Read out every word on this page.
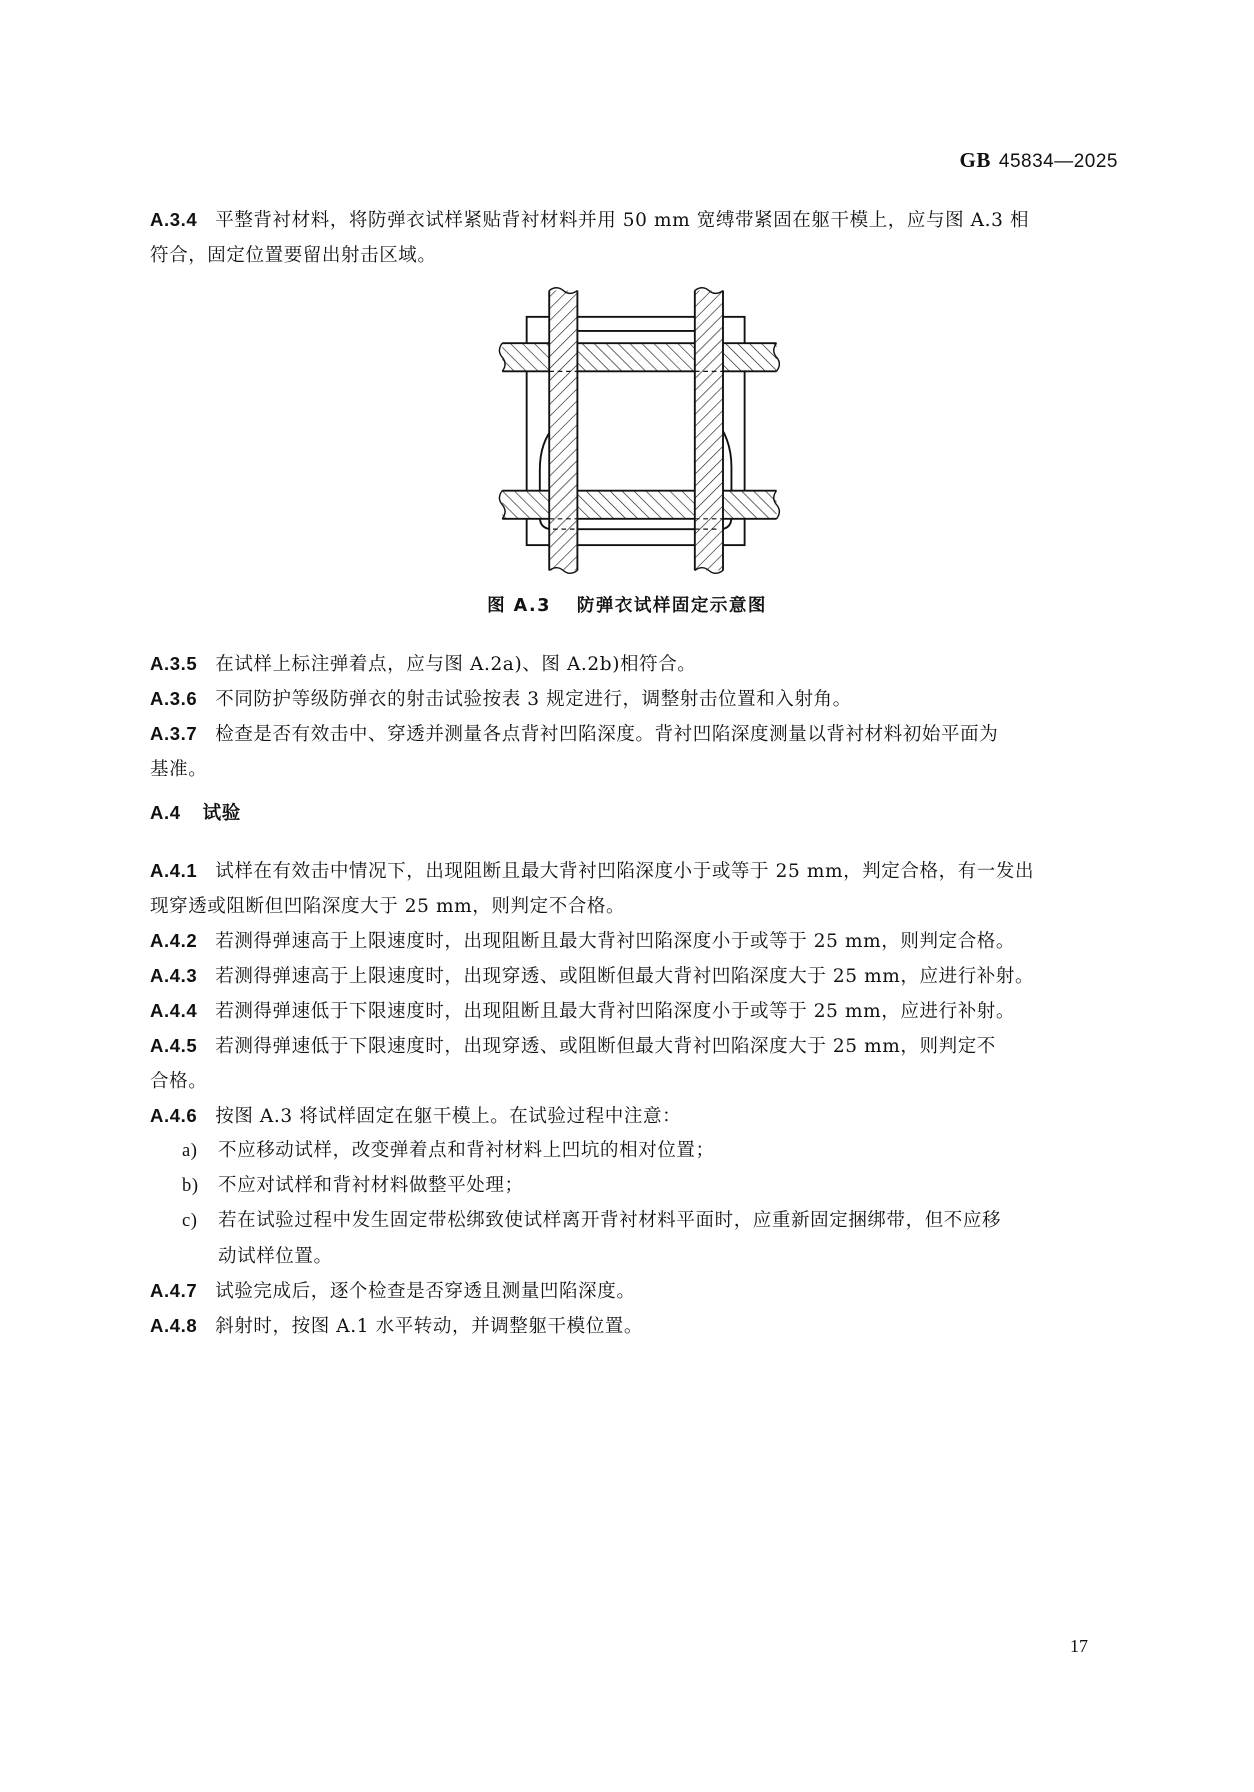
GB 45834—2025
A.3.4 平整背衬材料，将防弹衣试样紧贴背衬材料并用 50 mm 宽缚带紧固在躯干模上，应与图 A.3 相
符合，固定位置要留出射击区域。
图 A.3 防弹衣试样固定示意图
A.3.5 在试样上标注弹着点，应与图 A.2a)、图 A.2b)相符合。
A.3.6 不同防护等级防弹衣的射击试验按表 3 规定进行，调整射击位置和入射角。
A.3.7 检查是否有效击中、穿透并测量各点背衬凹陷深度。背衬凹陷深度测量以背衬材料初始平面为
基准。
A.4 试验
A.4.1 试样在有效击中情况下，出现阻断且最大背衬凹陷深度小于或等于 25 mm，判定合格，有一发出
现穿透或阻断但凹陷深度大于 25 mm，则判定不合格。
A.4.2 若测得弹速高于上限速度时，出现阻断且最大背衬凹陷深度小于或等于 25 mm，则判定合格。
A.4.3 若测得弹速高于上限速度时，出现穿透、或阻断但最大背衬凹陷深度大于 25 mm，应进行补射。
A.4.4 若测得弹速低于下限速度时，出现阻断且最大背衬凹陷深度小于或等于 25 mm，应进行补射。
A.4.5 若测得弹速低于下限速度时，出现穿透、或阻断但最大背衬凹陷深度大于 25 mm，则判定不
合格。
A.4.6 按图 A.3 将试样固定在躯干模上。在试验过程中注意：
a) 不应移动试样，改变弹着点和背衬材料上凹坑的相对位置；
b) 不应对试样和背衬材料做整平处理；
c) 若在试验过程中发生固定带松绑致使试样离开背衬材料平面时，应重新固定捆绑带，但不应移
动试样位置。
A.4.7 试验完成后，逐个检查是否穿透且测量凹陷深度。
A.4.8 斜射时，按图 A.1 水平转动，并调整躯干模位置。
17
